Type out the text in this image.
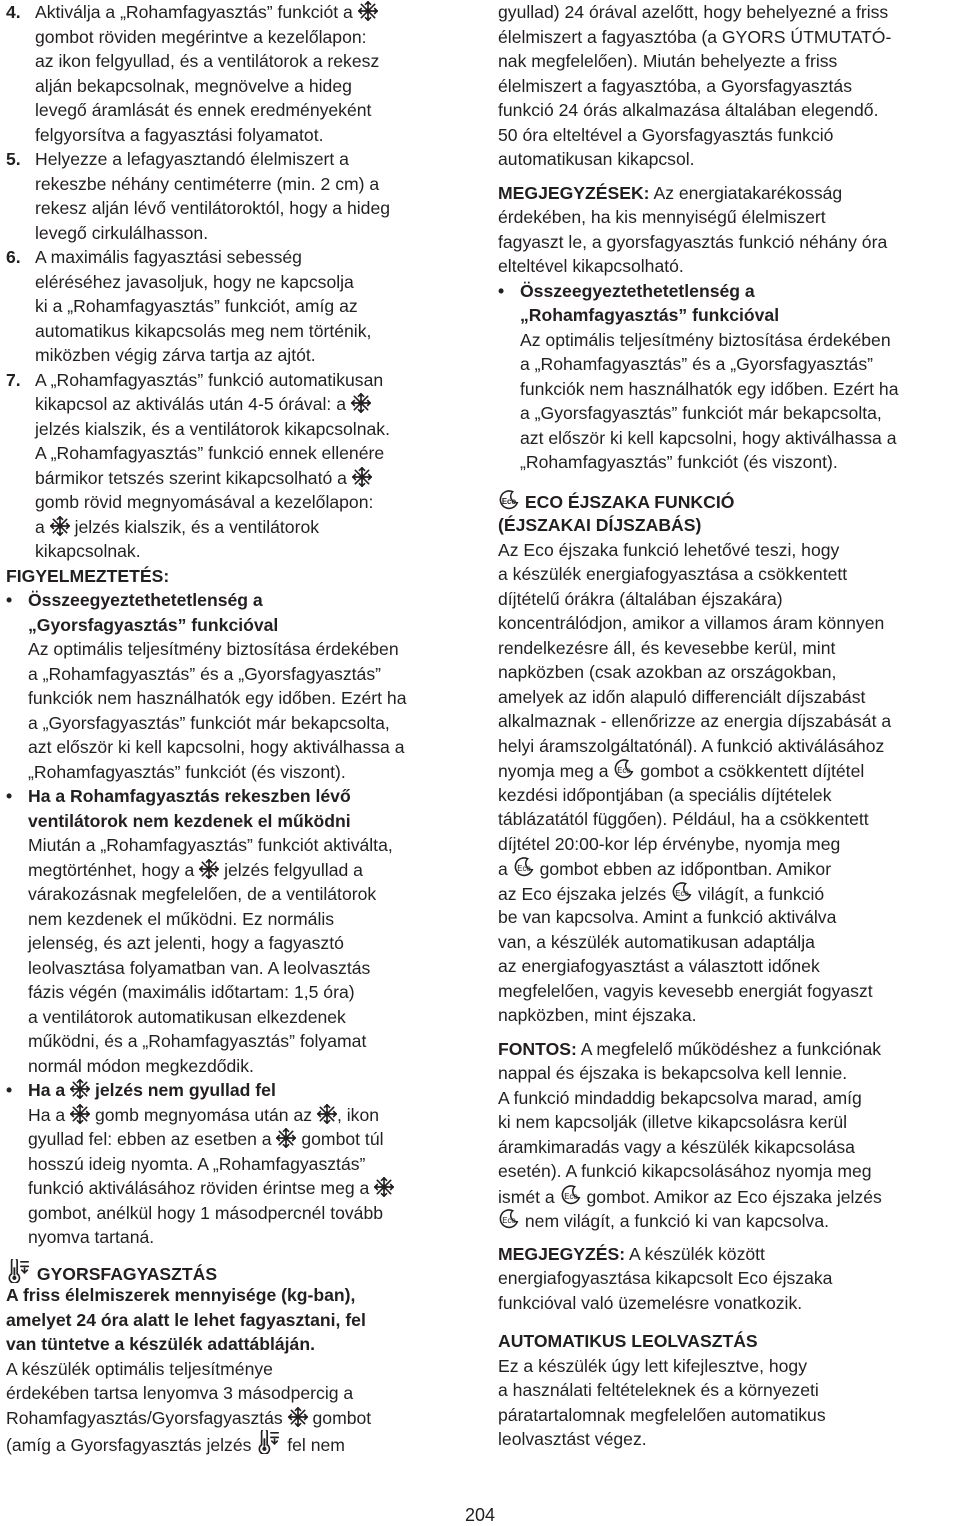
4. Aktiválja a „Rohamfagyasztás” funkciót a
gombot röviden megérintve a kezelőlapon:
az ikon felgyullad, és a ventilátorok a rekesz
alján bekapcsolnak, megnövelve a hideg
levegő áramlását és ennek eredményeként
felgyorsítva a fagyasztási folyamatot.
5. Helyezze a lefagyasztandó élelmiszert a
rekeszbe néhány centiméterre (min. 2 cm) a
rekesz alján lévő ventilátoroktól, hogy a hideg
levegő cirkulálhasson.
6. A maximális fagyasztási sebesség
eléréséhez javasoljuk, hogy ne kapcsolja
ki a „Rohamfagyasztás” funkciót, amíg az
automatikus kikapcsolás meg nem történik,
miközben végig zárva tartja az ajtót.
7. A „Rohamfagyasztás” funkció automatikusan
kikapcsol az aktiválás után 4-5 órával: a
jelzés kialszik, és a ventilátorok kikapcsolnak.
A „Rohamfagyasztás” funkció ennek ellenére
bármikor tetszés szerint kikapcsolható a
gomb rövid megnyomásával a kezelőlapon:
a jelzés kialszik, és a ventilátorok
kikapcsolnak.
FIGYELMEZTETÉS:
• Összeegyeztethetetlenség a
„Gyorsfagyasztás” funkcióval
Az optimális teljesítmény biztosítása érdekében
a „Rohamfagyasztás” és a „Gyorsfagyasztás”
funkciók nem használhatók egy időben. Ezért ha
a „Gyorsfagyasztás” funkciót már bekapcsolta,
azt először ki kell kapcsolni, hogy aktiválhassa a
„Rohamfagyasztás” funkciót (és viszont).
• Ha a Rohamfagyasztás rekeszben lévő
ventilátorok nem kezdenek el működni
Miután a „Rohamfagyasztás” funkciót aktiválta,
megtörténhet, hogy a jelzés felgyullad a
várakozásnak megfelelően, de a ventilátorok
nem kezdenek el működni. Ez normális
jelenség, és azt jelenti, hogy a fagyasztó
leolvasztása folyamatban van. A leolvasztás
fázis végén (maximális időtartam: 1,5 óra)
a ventilátorok automatikusan elkezdenek
működni, és a „Rohamfagyasztás” folyamat
normál módon megkezdődik.
• Ha a jelzés nem gyullad fel
Ha a gomb megnyomása után az , ikon
gyullad fel: ebben az esetben a gombot túl
hosszú ideig nyomta. A „Rohamfagyasztás”
funkció aktiválásához röviden érintse meg a
gombot, anélkül hogy 1 másodpercnél tovább
nyomva tartaná.
GYORSFAGYASZTÁS
A friss élelmiszerek mennyisége (kg-ban),
amelyet 24 óra alatt le lehet fagyasztani, fel
van tüntetve a készülék adattábláján.
A készülék optimális teljesítménye
érdekében tartsa lenyomva 3 másodpercig a
Rohamfagyasztás/Gyorsfagyasztás gombot
(amíg a Gyorsfagyasztás jelzés fel nem
gyullad) 24 órával azelőtt, hogy behelyezné a friss
élelmiszert a fagyasztóba (a GYORS ÚTMUTATÓ-
nak megfelelően). Miután behelyezte a friss
élelmiszert a fagyasztóba, a Gyorsfagyasztás
funkció 24 órás alkalmazása általában elegendő.
50 óra elteltével a Gyorsfagyasztás funkció
automatikusan kikapcsol.
MEGJEGYZÉSEK: Az energiatakarékosság
érdekében, ha kis mennyiségű élelmiszert
fagyaszt le, a gyorsfagyasztás funkció néhány óra
elteltével kikapcsolható.
• Összeegyeztethetetlenség a
„Rohamfagyasztás” funkcióval
Az optimális teljesítmény biztosítása érdekében
a „Rohamfagyasztás” és a „Gyorsfagyasztás”
funkciók nem használhatók egy időben. Ezért ha
a „Gyorsfagyasztás” funkciót már bekapcsolta,
azt először ki kell kapcsolni, hogy aktiválhassa a
„Rohamfagyasztás” funkciót (és viszont).
ECO ÉJSZAKA FUNKCIÓ
(ÉJSZAKAI DÍJSZABÁS)
Az Eco éjszaka funkció lehetővé teszi, hogy
a készülék energiafogyasztása a csökkentett
díjtételű órákra (általában éjszakára)
koncentrálódjon, amikor a villamos áram könnyen
rendelkezésre áll, és kevesebbe kerül, mint
napközben (csak azokban az országokban,
amelyek az időn alapuló differenciált díjszabást
alkalmaznak - ellenőrizze az energia díjszabását a
helyi áramszolgáltatónál). A funkció aktiválásához
nyomja meg a gombot a csökkentett díjtétel
kezdési időpontjában (a speciális díjtételek
táblázatától függően). Például, ha a csökkentett
díjtétel 20:00-kor lép érvénybe, nyomja meg
a gombot ebben az időpontban. Amikor
az Eco éjszaka jelzés világít, a funkció
be van kapcsolva. Amint a funkció aktiválva
van, a készülék automatikusan adaptálja
az energiafogyasztást a választott időnek
megfelelően, vagyis kevesebb energiát fogyaszt
napközben, mint éjszaka.
FONTOS: A megfelelő működéshez a funkciónak
nappal és éjszaka is bekapcsolva kell lennie.
A funkció mindaddig bekapcsolva marad, amíg
ki nem kapcsolják (illetve kikapcsolásra kerül
áramkimaradás vagy a készülék kikapcsolása
esetén). A funkció kikapcsolásához nyomja meg
ismét a gombot. Amikor az Eco éjszaka jelzés
nem világít, a funkció ki van kapcsolva.
MEGJEGYZÉS: A készülék között
energiafogyasztása kikapcsolt Eco éjszaka
funkcióval való üzemelésre vonatkozik.
AUTOMATIKUS LEOLVASZTÁS
Ez a készülék úgy lett kifejlesztve, hogy
a használati feltételeknek és a környezeti
páratartalomnak megfelelően automatikus
leolvasztást végez.
204
